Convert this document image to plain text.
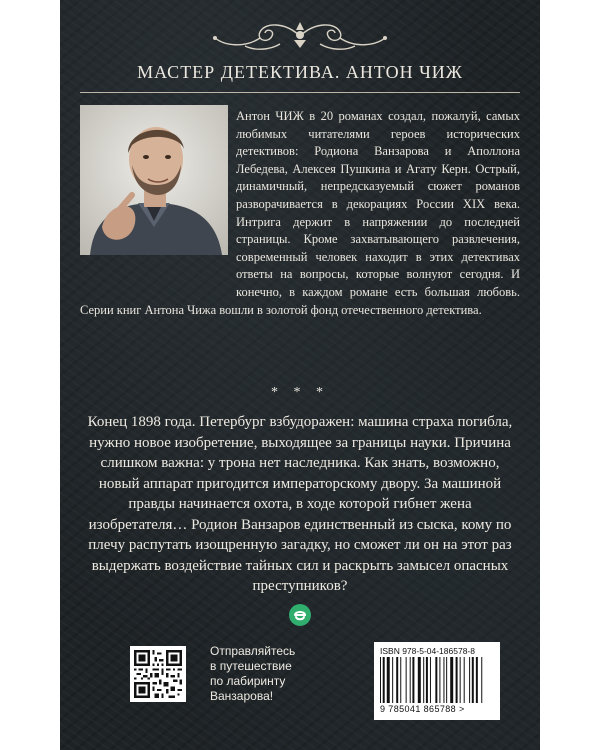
МАСТЕР ДЕТЕКТИВА. АНТОН ЧИЖ

Антон ЧИЖ в 20 романах создал, пожалуй, самых любимых читателями героев исторических детективов: Родиона Ванзарова и Аполлона Лебедева, Алексея Пушкина и Агату Керн. Острый, динамичный, непредсказуемый сюжет романов разворачивается в декорациях России XIX века. Интрига держит в напряжении до последней страницы. Кроме захватывающего развлечения, современный человек находит в этих детективах ответы на вопросы, которые волнуют сегодня. И конечно, в каждом романе есть большая любовь. Серии книг Антона Чижа вошли в золотой фонд отечественного детектива.

* * *

Конец 1898 года. Петербург взбудоражен: машина страха погибла, нужно новое изобретение, выходящее за границы науки. Причина слишком важна: у трона нет наследника. Как знать, возможно, новый аппарат пригодится императорскому двору. За машиной правды начинается охота, в ходе которой гибнет жена изобретателя… Родион Ванзаров единственный из сыска, кому по плечу распутать изощренную загадку, но сможет ли он на этот раз выдержать воздействие тайных сил и раскрыть замысел опасных преступников?

Отправляйтесь
в путешествие
по лабиринту
Ванзарова!

ISBN 978-5-04-186578-8
9 785041 865788 >
